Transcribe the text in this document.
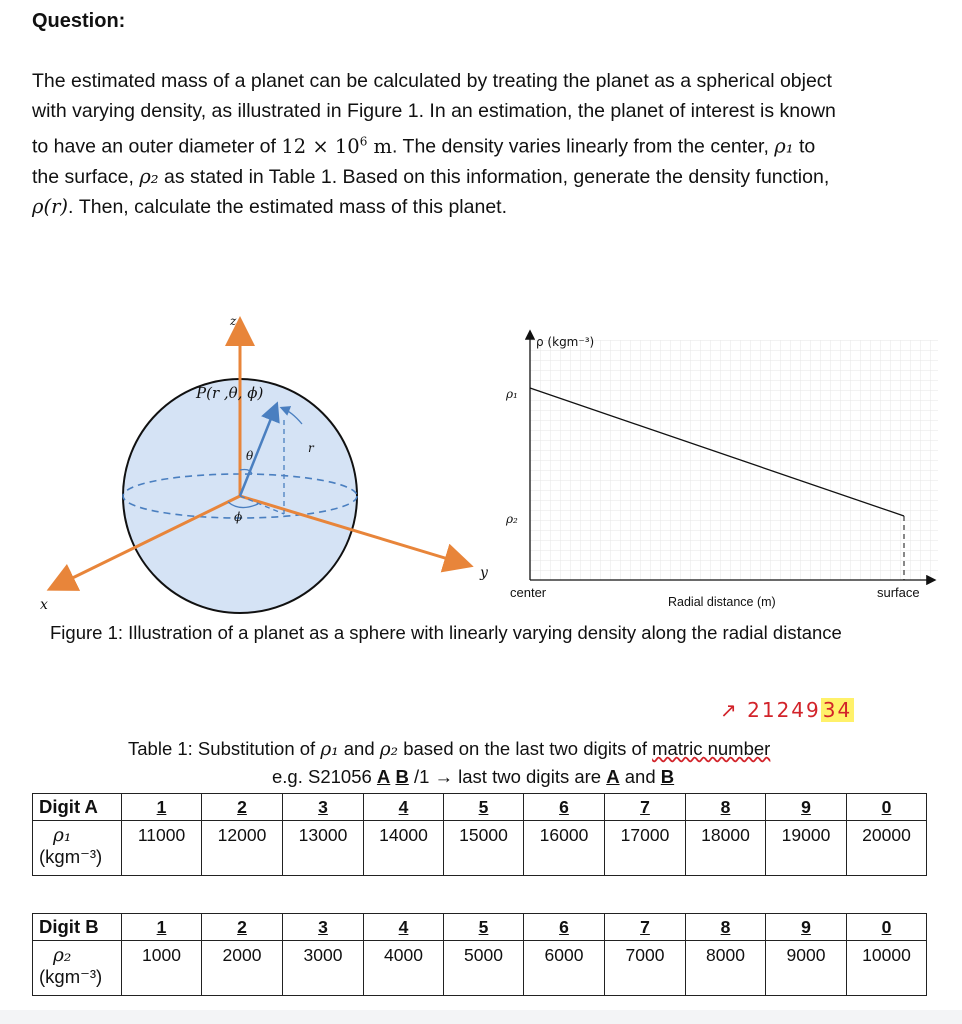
Question:

The estimated mass of a planet can be calculated by treating the planet as a spherical object
with varying density, as illustrated in Figure 1. In an estimation, the planet of interest is known
to have an outer diameter of $12 \times 10^6$ m. The density varies linearly from the center, ρ₁ to
the surface, ρ₂ as stated in Table 1. Based on this information, generate the density function,
ρ(r). Then, calculate the estimated mass of this planet.

z
y
x
P(r ,θ, ϕ)
θ
ϕ
r
ρ (kgm⁻³)
ρ₁
ρ₂
center
Radial distance (m)
surface
Figure 1: Illustration of a planet as a sphere with linearly varying density along the radial distance
↗ 21249 34
Table 1: Substitution of ρ₁ and ρ₂ based on the last two digits of matric number
e.g. S21056 A B /1 → last two digits are A and B
Digit A	1	2	3	4	5	6	7	8	9	0

ρ₁
(kgm⁻³)	11000	12000	13000	14000	15000	16000	17000	18000	19000	20000
Digit B	1	2	3	4	5	6	7	8	9	0

ρ₂
(kgm⁻³)	1000	2000	3000	4000	5000	6000	7000	8000	9000	10000
